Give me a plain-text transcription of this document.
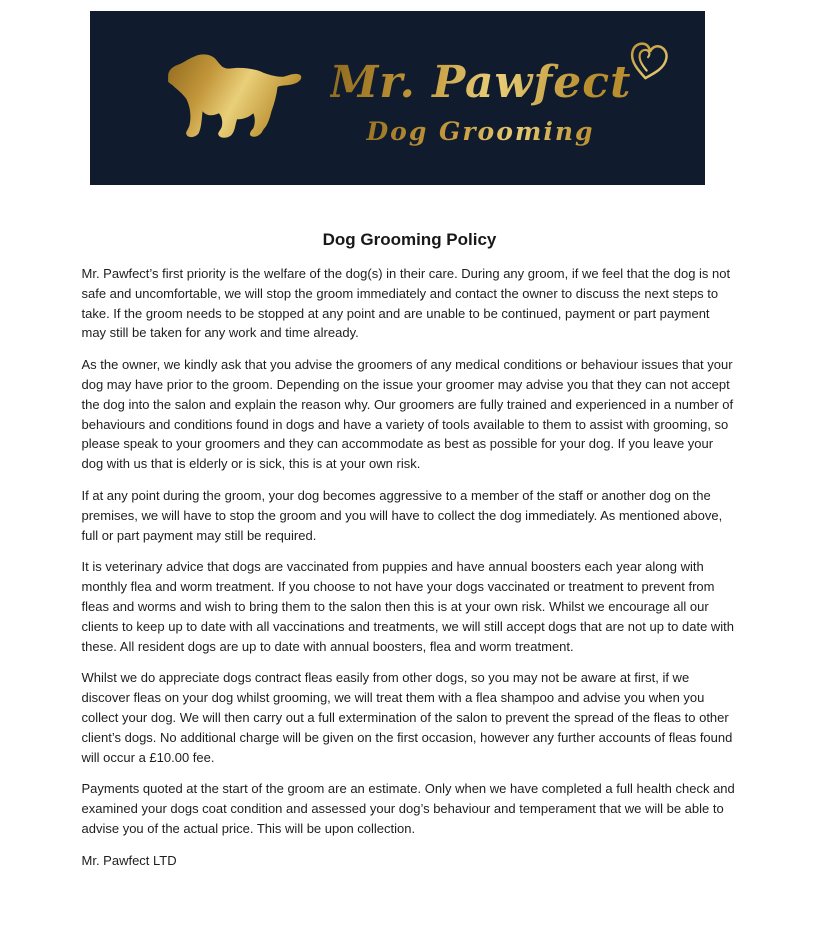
Mr. Pawfect
Dog Grooming
Dog Grooming Policy

Mr. Pawfect’s first priority is the welfare of the dog(s) in their care. During any groom, if we feel that the dog is not safe and uncomfortable, we will stop the groom immediately and contact the owner to discuss the next steps to take. If the groom needs to be stopped at any point and are unable to be continued, payment or part payment may still be taken for any work and time already.

As the owner, we kindly ask that you advise the groomers of any medical conditions or behaviour issues that your dog may have prior to the groom. Depending on the issue your groomer may advise you that they can not accept the dog into the salon and explain the reason why. Our groomers are fully trained and experienced in a number of behaviours and conditions found in dogs and have a variety of tools available to them to assist with grooming, so please speak to your groomers and they can accommodate as best as possible for your dog. If you leave your dog with us that is elderly or is sick, this is at your own risk.

If at any point during the groom, your dog becomes aggressive to a member of the staff or another dog on the premises, we will have to stop the groom and you will have to collect the dog immediately. As mentioned above, full or part payment may still be required.

It is veterinary advice that dogs are vaccinated from puppies and have annual boosters each year along with monthly flea and worm treatment. If you choose to not have your dogs vaccinated or treatment to prevent from fleas and worms and wish to bring them to the salon then this is at your own risk. Whilst we encourage all our clients to keep up to date with all vaccinations and treatments, we will still accept dogs that are not up to date with these. All resident dogs are up to date with annual boosters, flea and worm treatment.

Whilst we do appreciate dogs contract fleas easily from other dogs, so you may not be aware at first, if we discover fleas on your dog whilst grooming, we will treat them with a flea shampoo and advise you when you collect your dog. We will then carry out a full extermination of the salon to prevent the spread of the fleas to other client’s dogs. No additional charge will be given on the first occasion, however any further accounts of fleas found will occur a £10.00 fee.

Payments quoted at the start of the groom are an estimate. Only when we have completed a full health check and examined your dogs coat condition and assessed your dog’s behaviour and temperament that we will be able to advise you of the actual price. This will be upon collection.

Mr. Pawfect LTD
